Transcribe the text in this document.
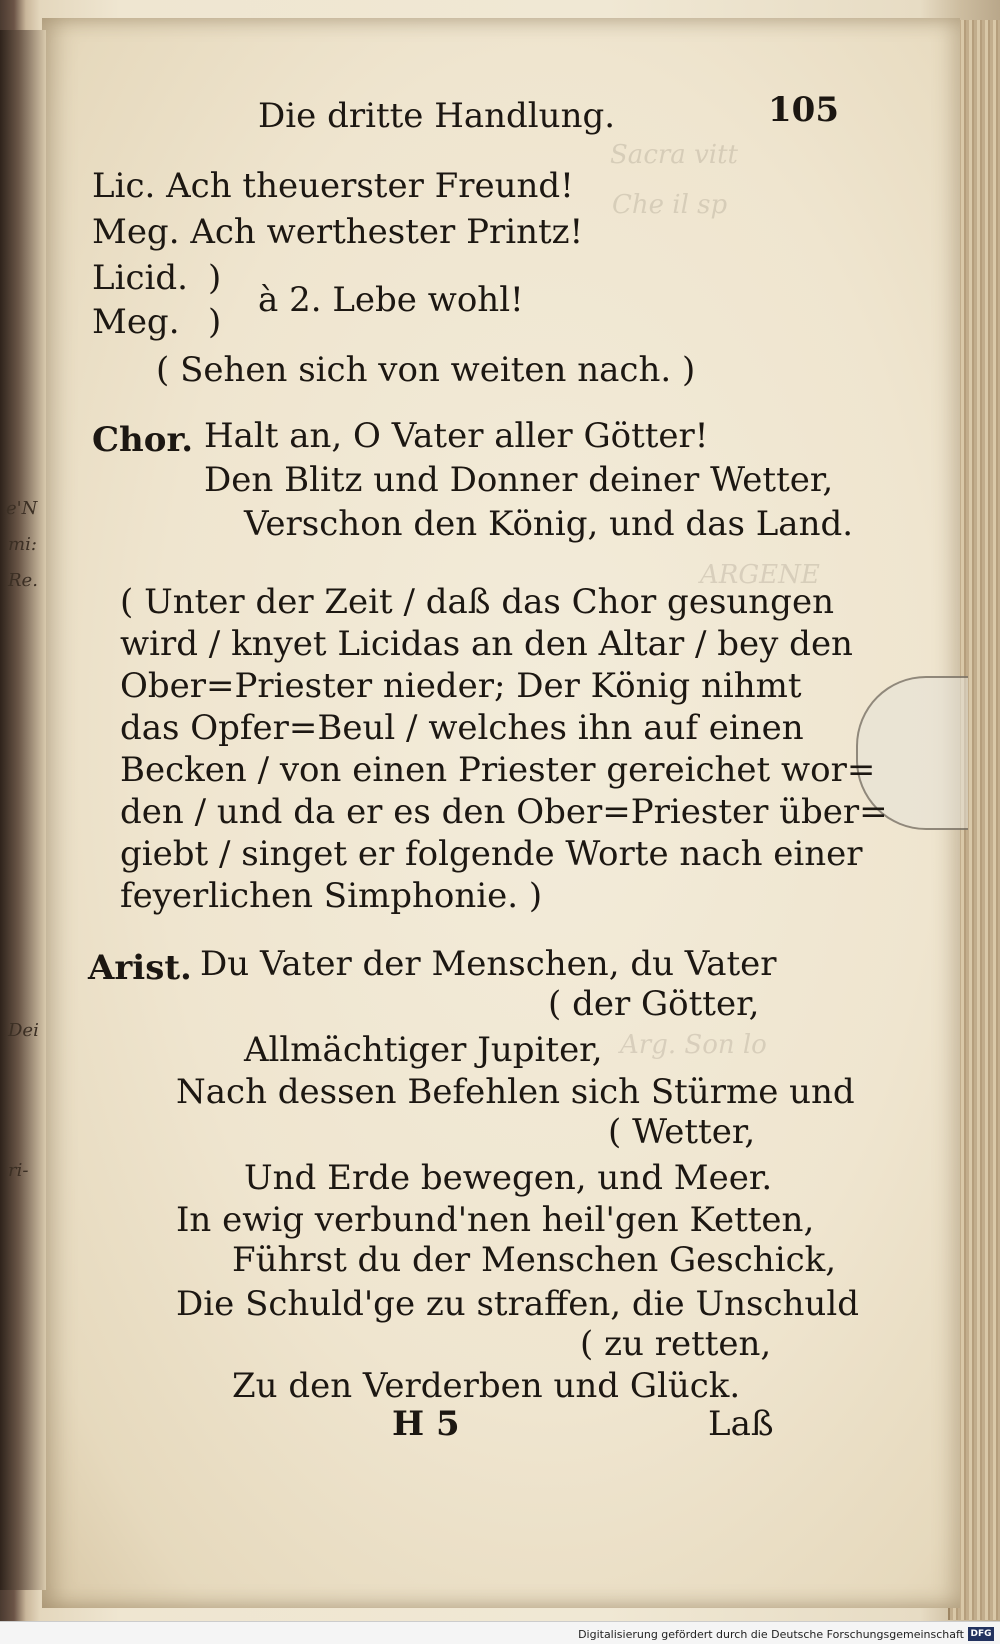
e'N
mi:
Re.
Dei
ri-
Sacra vitt
Che il sp
ARGENE
Arg. Son lo
Die dritte Handlung.	105
Lic. Ach theuerster Freund!
Meg. Ach werthester Printz!
Licid.
Meg.
)
)
à 2. Lebe wohl!
( Sehen sich von weiten nach. )
Chor. Halt an, O Vater aller Götter!
Den Blitz und Donner deiner Wetter,
Verschon den König, und das Land.
( Unter der Zeit / daß das Chor gesungen
wird / knyet Licidas an den Altar / bey den
Ober=Priester nieder; Der König nihmt
das Opfer=Beul / welches ihn auf einen
Becken / von einen Priester gereichet wor=
den / und da er es den Ober=Priester über=
giebt / singet er folgende Worte nach einer
feyerlichen Simphonie. )
Arist. Du Vater der Menschen, du Vater
( der Götter,
Allmächtiger Jupiter,
Nach dessen Befehlen sich Stürme und
( Wetter,
Und Erde bewegen, und Meer.
In ewig verbund'nen heil'gen Ketten,
Führst du der Menschen Geschick,
Die Schuld'ge zu straffen, die Unschuld
( zu retten,
Zu den Verderben und Glück.
H 5	Laß
Digitalisierung gefördert durch die Deutsche Forschungsgemeinschaft DFG
